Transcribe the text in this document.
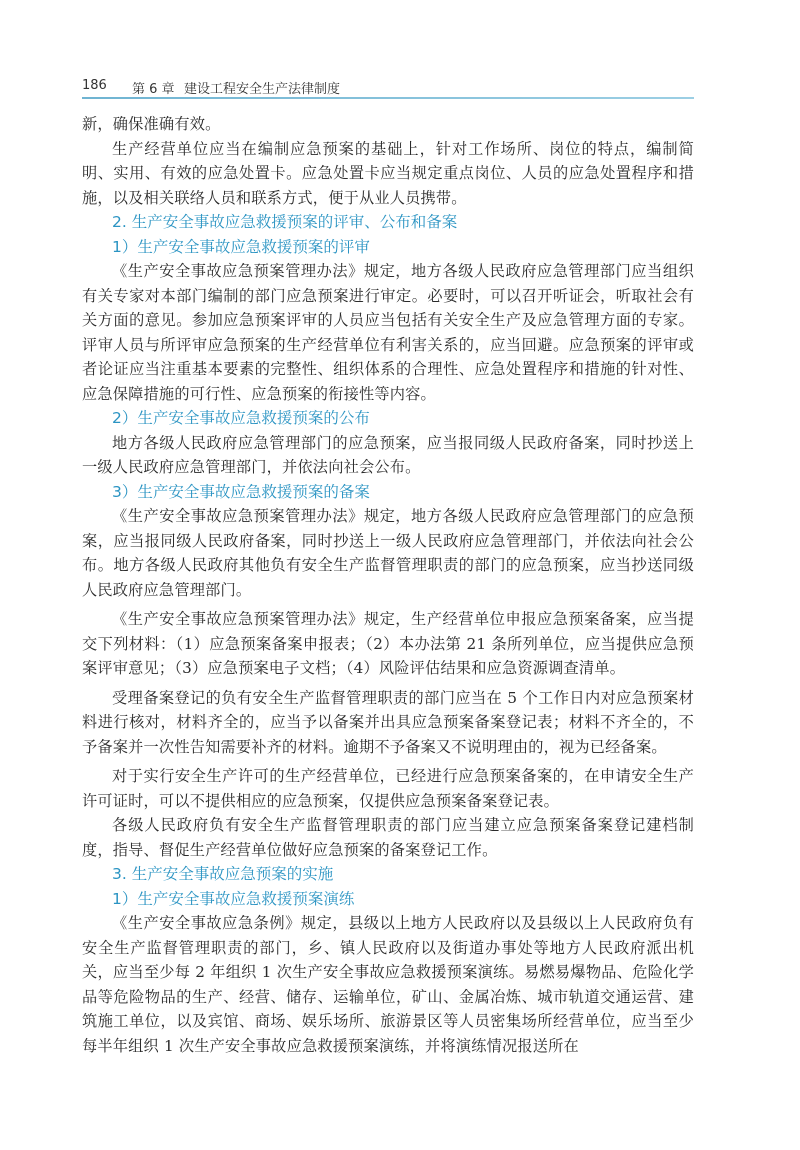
186 第 6 章 建设工程安全生产法律制度

新，确保准确有效。

生产经营单位应当在编制应急预案的基础上，针对工作场所、岗位的特点，编制简明、实用、有效的应急处置卡。应急处置卡应当规定重点岗位、人员的应急处置程序和措施，以及相关联络人员和联系方式，便于从业人员携带。

2. 生产安全事故应急救援预案的评审、公布和备案

1）生产安全事故应急救援预案的评审

《生产安全事故应急预案管理办法》规定，地方各级人民政府应急管理部门应当组织有关专家对本部门编制的部门应急预案进行审定。必要时，可以召开听证会，听取社会有关方面的意见。参加应急预案评审的人员应当包括有关安全生产及应急管理方面的专家。评审人员与所评审应急预案的生产经营单位有利害关系的，应当回避。应急预案的评审或者论证应当注重基本要素的完整性、组织体系的合理性、应急处置程序和措施的针对性、应急保障措施的可行性、应急预案的衔接性等内容。

2）生产安全事故应急救援预案的公布

地方各级人民政府应急管理部门的应急预案，应当报同级人民政府备案，同时抄送上一级人民政府应急管理部门，并依法向社会公布。

3）生产安全事故应急救援预案的备案

《生产安全事故应急预案管理办法》规定，地方各级人民政府应急管理部门的应急预案，应当报同级人民政府备案，同时抄送上一级人民政府应急管理部门，并依法向社会公布。地方各级人民政府其他负有安全生产监督管理职责的部门的应急预案，应当抄送同级人民政府应急管理部门。

《生产安全事故应急预案管理办法》规定，生产经营单位申报应急预案备案，应当提交下列材料：（1）应急预案备案申报表；（2）本办法第 21 条所列单位，应当提供应急预案评审意见；（3）应急预案电子文档；（4）风险评估结果和应急资源调查清单。

受理备案登记的负有安全生产监督管理职责的部门应当在 5 个工作日内对应急预案材料进行核对，材料齐全的，应当予以备案并出具应急预案备案登记表；材料不齐全的，不予备案并一次性告知需要补齐的材料。逾期不予备案又不说明理由的，视为已经备案。

对于实行安全生产许可的生产经营单位，已经进行应急预案备案的，在申请安全生产许可证时，可以不提供相应的应急预案，仅提供应急预案备案登记表。

各级人民政府负有安全生产监督管理职责的部门应当建立应急预案备案登记建档制度，指导、督促生产经营单位做好应急预案的备案登记工作。

3. 生产安全事故应急预案的实施

1）生产安全事故应急救援预案演练

《生产安全事故应急条例》规定，县级以上地方人民政府以及县级以上人民政府负有安全生产监督管理职责的部门，乡、镇人民政府以及街道办事处等地方人民政府派出机关，应当至少每 2 年组织 1 次生产安全事故应急救援预案演练。易燃易爆物品、危险化学品等危险物品的生产、经营、储存、运输单位，矿山、金属冶炼、城市轨道交通运营、建筑施工单位，以及宾馆、商场、娱乐场所、旅游景区等人员密集场所经营单位，应当至少每半年组织 1 次生产安全事故应急救援预案演练，并将演练情况报送所在
